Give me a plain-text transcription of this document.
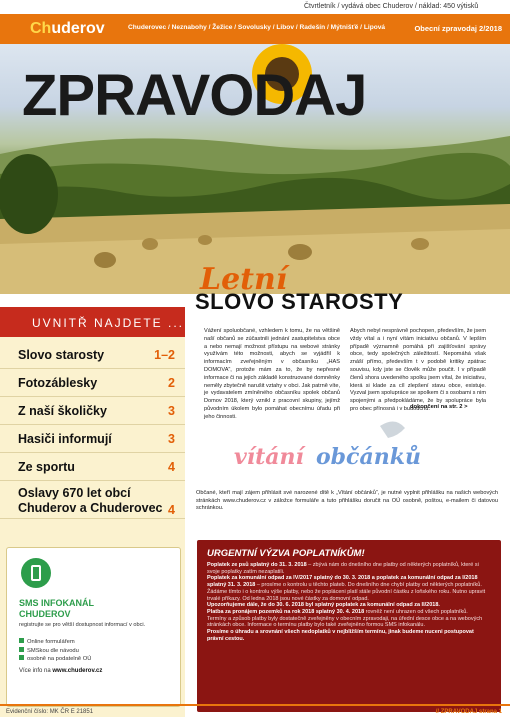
Čtvrtletník / vydává obec Chuderov / náklad: 450 výtisků
Chuderov	Chuderovec / Neznabohy / Žežice / Sovolusky / Libov / Radešín / Mýtnišťě / Lipová	Obecní zpravodaj 2/2018
ZPRAVODAJ
Letní
SLOVO STAROSTY
UVNITŘ NAJDETE ...
Slovo starosty	1–2
Fotozáblesky	2
Z naší školičky	3
Hasiči informují	3
Ze sportu	4
Oslavy 670 let obcí Chuderov a Chuderovec 4
SMS INFOKANÁL
CHUDEROV
registrujte se pro větší dostupnost informací v obci.
Online formulářem
SMSkou dle návodu
osobně na podatelně OÚ
Více info na www.chuderov.cz
Vážení spoluobčané, vzhledem k tomu, že na většině naší občanů se zúčastnili jednání zastupitelstva obce a nebo nemají možnost přístupu na webové stránky využívám této možnosti, abych se vyjádřil k informacím zveřejněným v občasníku „HAS DOMOVA“, protože mám za to, že by nepřesné informace či na jejich základě konstruované domněnky neměly zbytečně narušit vztahy v obci. Jak patrně víte, je vydavatelem zmíněného občasníku spolek občanů Domov 2018, který vznikl z pracovní skupiny, jejímž původním úkolem bylo pomáhat obecnímu úřadu při jeho činnosti.
Abych nebyl nesprávně pochopen, především, že jsem vždy vítal a i nyní vítám iniciativu občanů. V lepším případě významně pomáhá při zajišťování správy obce, tedy společných záležitostí. Nepomáhá však znáší přímo, především t v podobě kritiky zpátrac souvisu, kdy jste se člověk může poučit. I v případě členů shora uvedeného spolku jsem vítal, že iniciativu, která si klade za cíl zlepšení stavu obce, existuje. Vyzval jsem spolupráce se spolkem či s osobami s nim spojenými a předpokládáme, že by spolupráce byla pro obec přínosná i v budoucnu.
dokončení na str. 2 >
vítání občánků
Občané, kteří mají zájem přihlásit své narozené dítě k „Vítání občánků“, je nutné vyplnit přihlášku na našich webových stránkách www.chuderov.cz v záložce formuláře a tuto přihlášku doručit na OÚ osobně, poštou, e-mailem či datovou schránkou.
URGENTNÍ VÝZVA POPLATNÍKŮM!

Poplatek ze psů splatný do 31. 3. 2018 – zbývá nám do dnešního dne platby od některých poplatníků, které si svoje poplatky zatím nezaplatili.

Poplatek za komunální odpad za IV/2017 splatný do 30. 3. 2018 a poplatek za komunální odpad za I/2018 splatný 31. 3. 2018 – prosíme o kontrolu u těchto plateb. Do dnešního dne chybí platby od některých poplatníků. Žádáme tímto i o kontrolu výše platby, nebo že popláceni platí stále původní částku z loňského roku. Nutno upravit trvalé příkazy. Od ledna 2018 jsou nové částky za domovní odpad.

Upozorňujeme dále, že do 30. 6. 2018 byl splatný poplatek za komunální odpad za II/2018.

Platba za pronájem pozemků na rok 2018 splatný 30. 4. 2018 rovněž není uhrazen od všech poplatníků.

Termíny a způsob platby byly dostatečně zveřejněny v obecním zpravodaji, na úřední desce obce a na webových stránkách obce. Informace o termínu platby bylo také zveřejněno formou SMS infokanálu.

Prosíme o úhradu a srovnání všech nedoplatků v nejbližším termínu, jinak budeme nuceni postupovat právní cestou.

Evidenční číslo: MK ČR E 21851	// ZPRAVODAJ strana 1
